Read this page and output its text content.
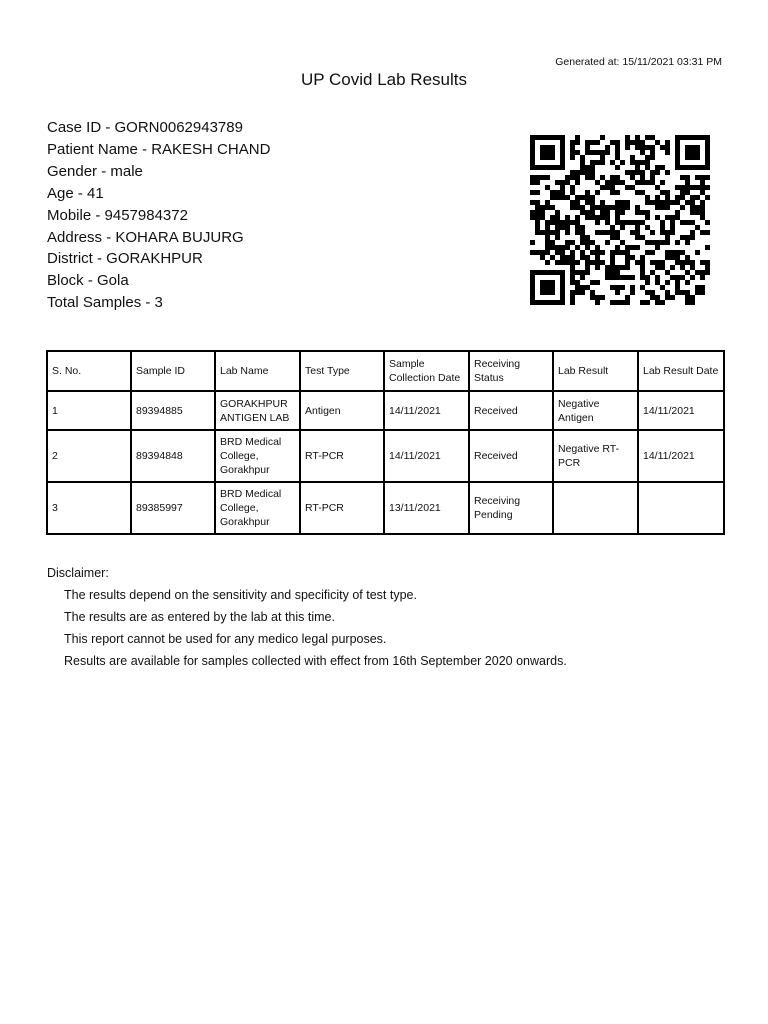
Generated at: 15/11/2021 03:31 PM
UP Covid Lab Results
Case ID - GORN0062943789
Patient Name - RAKESH CHAND
Gender - male
Age - 41
Mobile - 9457984372
Address - KOHARA BUJURG
District - GORAKHPUR
Block - Gola
Total Samples - 3
S. No.	Sample ID	Lab Name	Test Type	Sample Collection Date	Receiving Status	Lab Result	Lab Result Date
1	89394885	GORAKHPUR ANTIGEN LAB	Antigen	14/11/2021	Received	Negative Antigen	14/11/2021
2	89394848	BRD Medical College, Gorakhpur	RT-PCR	14/11/2021	Received	Negative RT-PCR	14/11/2021
3	89385997	BRD Medical College, Gorakhpur	RT-PCR	13/11/2021	Receiving Pending		
Disclaimer:
The results depend on the sensitivity and specificity of test type.
The results are as entered by the lab at this time.
This report cannot be used for any medico legal purposes.
Results are available for samples collected with effect from 16th September 2020 onwards.
